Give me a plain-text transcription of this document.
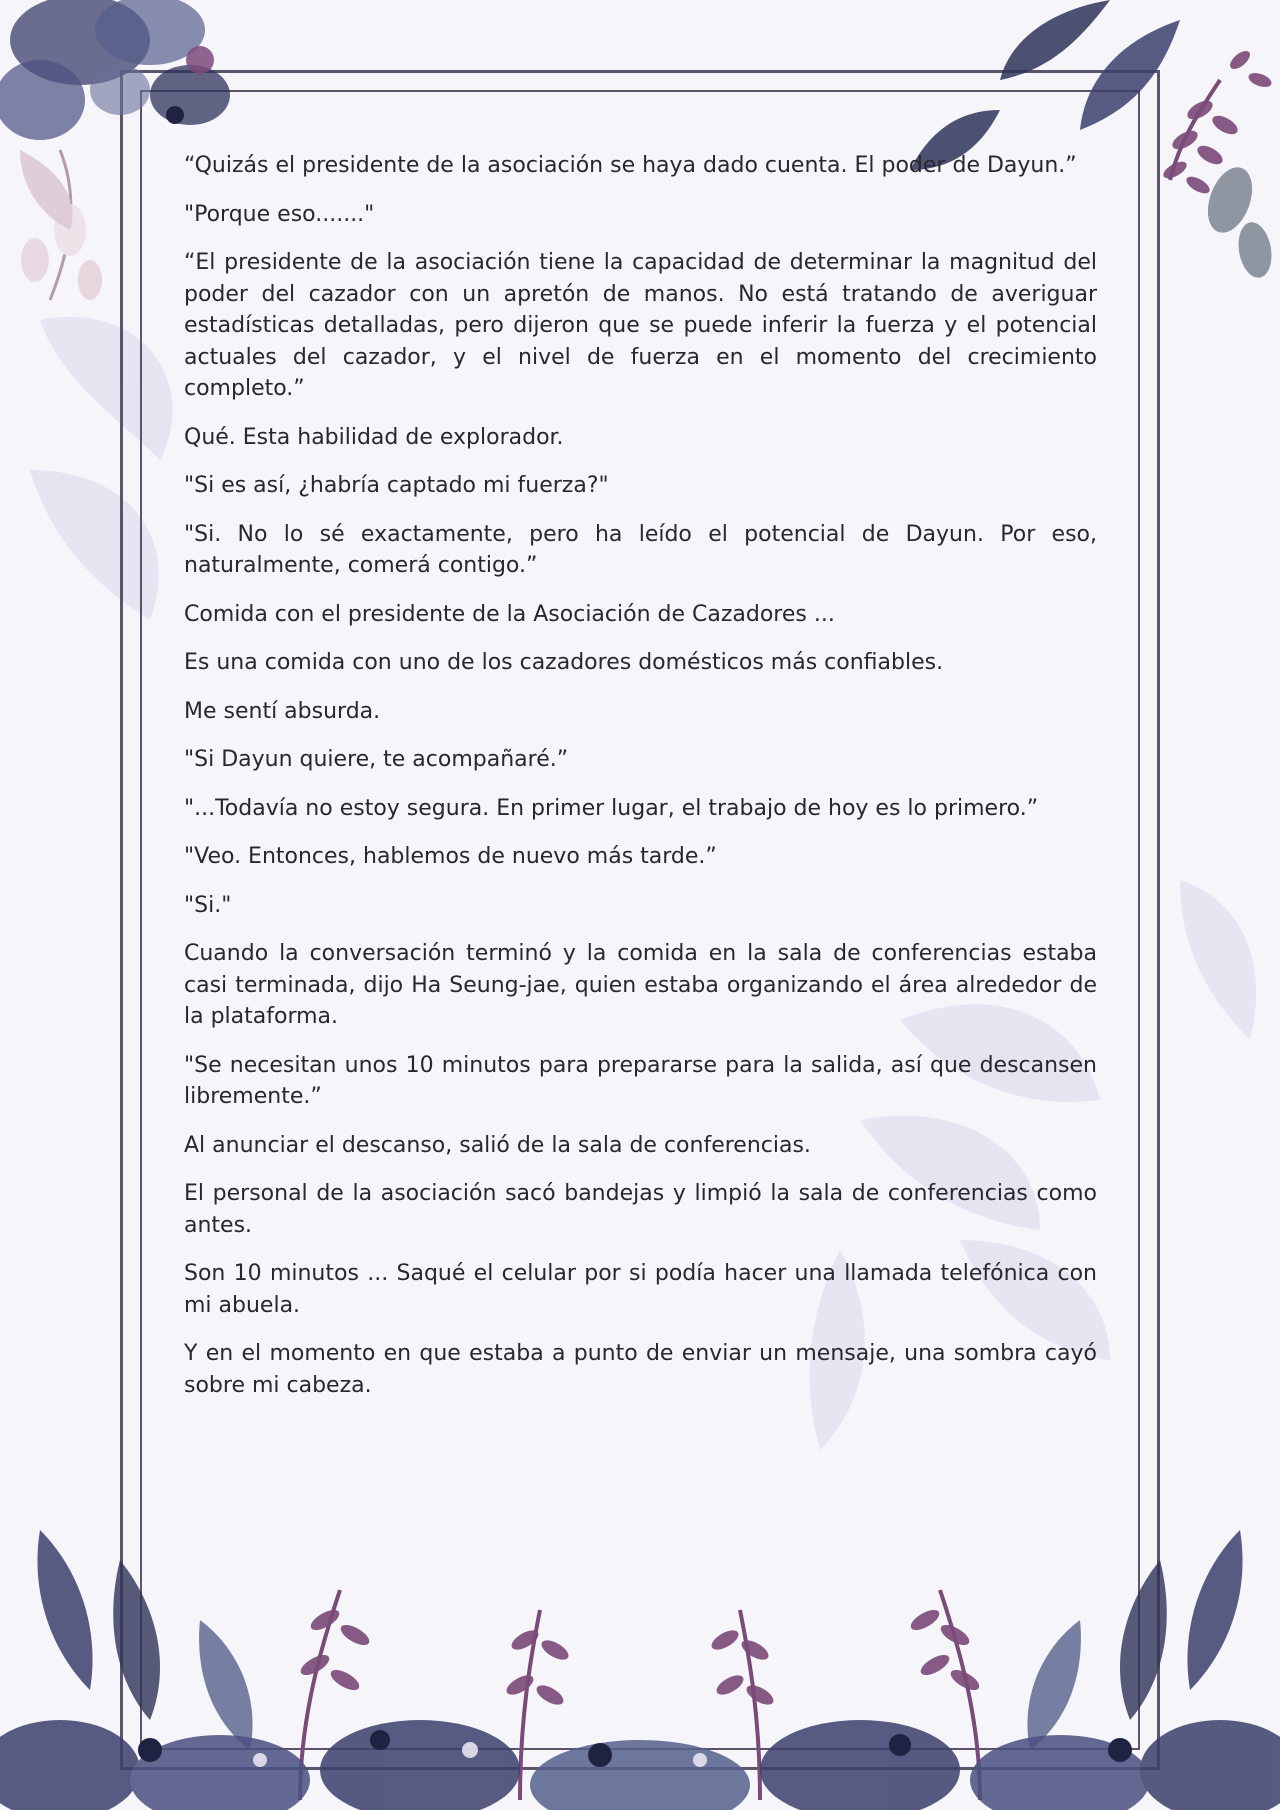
“Quizás el presidente de la asociación se haya dado cuenta. El poder de Dayun.”

"Porque eso......."

“El presidente de la asociación tiene la capacidad de determinar la magnitud del poder del cazador con un apretón de manos. No está tratando de averiguar estadísticas detalladas, pero dijeron que se puede inferir la fuerza y el potencial actuales del cazador, y el nivel de fuerza en el momento del crecimiento completo.”

Qué. Esta habilidad de explorador.

"Si es así, ¿habría captado mi fuerza?"

"Si. No lo sé exactamente, pero ha leído el potencial de Dayun. Por eso, naturalmente, comerá contigo.”

Comida con el presidente de la Asociación de Cazadores ...

Es una comida con uno de los cazadores domésticos más confiables.

Me sentí absurda.

"Si Dayun quiere, te acompañaré.”

"...Todavía no estoy segura. En primer lugar, el trabajo de hoy es lo primero.”

"Veo. Entonces, hablemos de nuevo más tarde.”

"Si."

Cuando la conversación terminó y la comida en la sala de conferencias estaba casi terminada, dijo Ha Seung-jae, quien estaba organizando el área alrededor de la plataforma.

"Se necesitan unos 10 minutos para prepararse para la salida, así que descansen libremente.”

Al anunciar el descanso, salió de la sala de conferencias.

El personal de la asociación sacó bandejas y limpió la sala de conferencias como antes.

Son 10 minutos ... Saqué el celular por si podía hacer una llamada telefónica con mi abuela.

Y en el momento en que estaba a punto de enviar un mensaje, una sombra cayó sobre mi cabeza.
